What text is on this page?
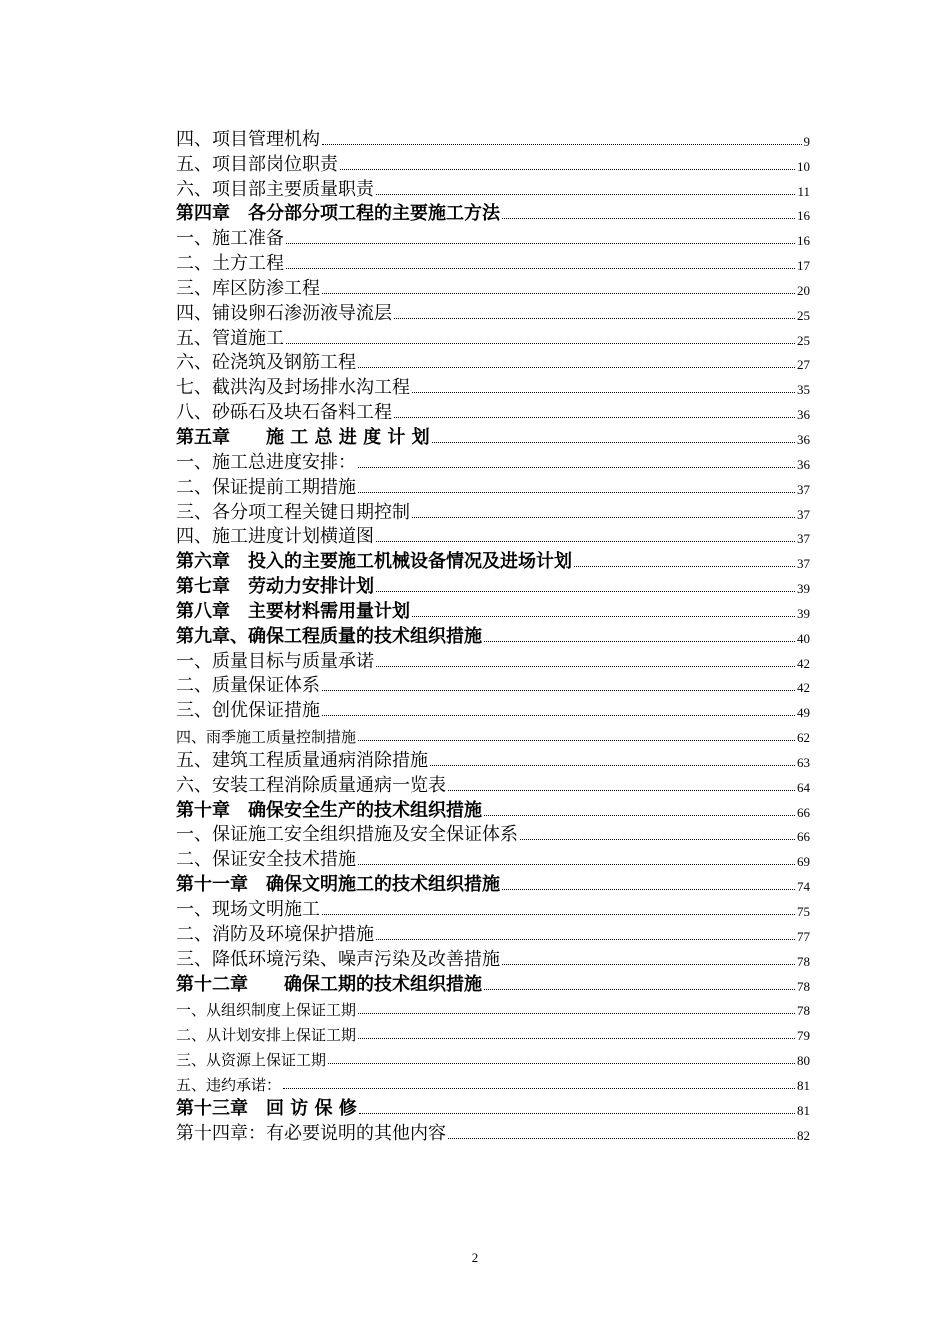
四、项目管理机构	9
五、项目部岗位职责	10
六、项目部主要质量职责	11
第四章　各分部分项工程的主要施工方法	16
一、施工准备	16
二、土方工程	17
三、库区防渗工程	20
四、铺设卵石渗沥液导流层	25
五、管道施工	25
六、砼浇筑及钢筋工程	27
七、截洪沟及封场排水沟工程	35
八、砂砾石及块石备料工程	36
第五章　　施 工 总 进 度 计 划	36
一、施工总进度安排：	36
二、保证提前工期措施	37
三、各分项工程关键日期控制	37
四、施工进度计划横道图	37
第六章　投入的主要施工机械设备情况及进场计划	37
第七章　劳动力安排计划	39
第八章　主要材料需用量计划	39
第九章、确保工程质量的技术组织措施	40
一、质量目标与质量承诺	42
二、质量保证体系	42
三、创优保证措施	49
四、雨季施工质量控制措施	62
五、建筑工程质量通病消除措施	63
六、安装工程消除质量通病一览表	64
第十章　确保安全生产的技术组织措施	66
一、保证施工安全组织措施及安全保证体系	66
二、保证安全技术措施	69
第十一章　确保文明施工的技术组织措施	74
一、现场文明施工	75
二、消防及环境保护措施	77
三、降低环境污染、噪声污染及改善措施	78
第十二章　　确保工期的技术组织措施	78
一、从组织制度上保证工期	78
二、从计划安排上保证工期	79
三、从资源上保证工期	80
五、违约承诺：	81
第十三章　回 访 保 修	81
第十四章：有必要说明的其他内容	82
2
